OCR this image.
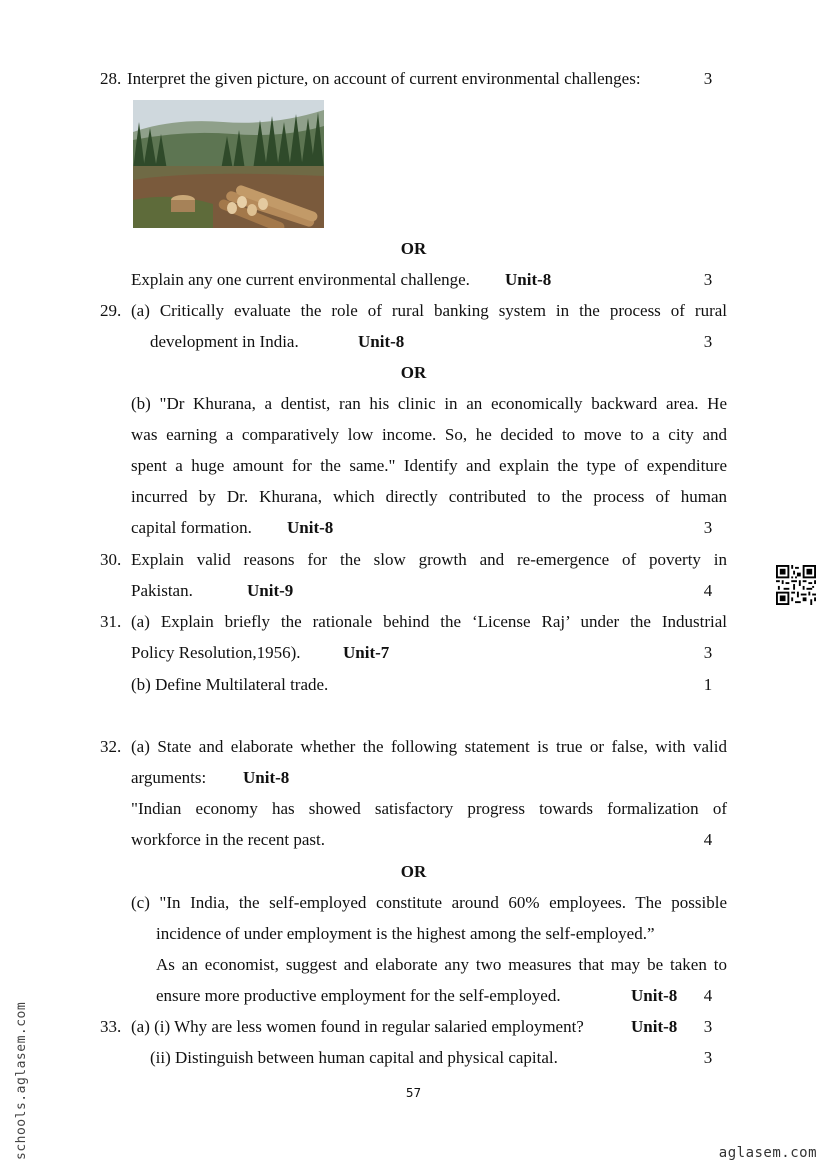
28. Interpret the given picture, on account of current environmental challenges:	3
OR
Explain any one current environmental challenge. Unit-8	3
29. (a) Critically evaluate the role of rural banking system in the process of rural
development in India.	Unit-8	3
OR
(b) "Dr Khurana, a dentist, ran his clinic in an economically backward area. He
was earning a comparatively low income. So, he decided to move to a city and
spent a huge amount for the same." Identify and explain the type of expenditure
incurred by Dr. Khurana, which directly contributed to the process of human
capital formation. Unit-8	3
30. Explain valid reasons for the slow growth and re-emergence of poverty in
Pakistan.	Unit-9	4
31. (a) Explain briefly the rationale behind the ‘License Raj’ under the Industrial
Policy Resolution,1956). Unit-7	3
(b) Define Multilateral trade.	1
32. (a) State and elaborate whether the following statement is true or false, with valid
arguments: Unit-8
"Indian economy has showed satisfactory progress towards formalization of
workforce in the recent past.	4
OR
(c) "In India, the self-employed constitute around 60% employees. The possible
incidence of under employment is the highest among the self-employed.”
As an economist, suggest and elaborate any two measures that may be taken to
ensure more productive employment for the self-employed.	Unit-8 4
33. (a) (i) Why are less women found in regular salaried employment?	Unit-8 3
(ii) Distinguish between human capital and physical capital.	3
57
aglasem.com
schools.aglasem.com
